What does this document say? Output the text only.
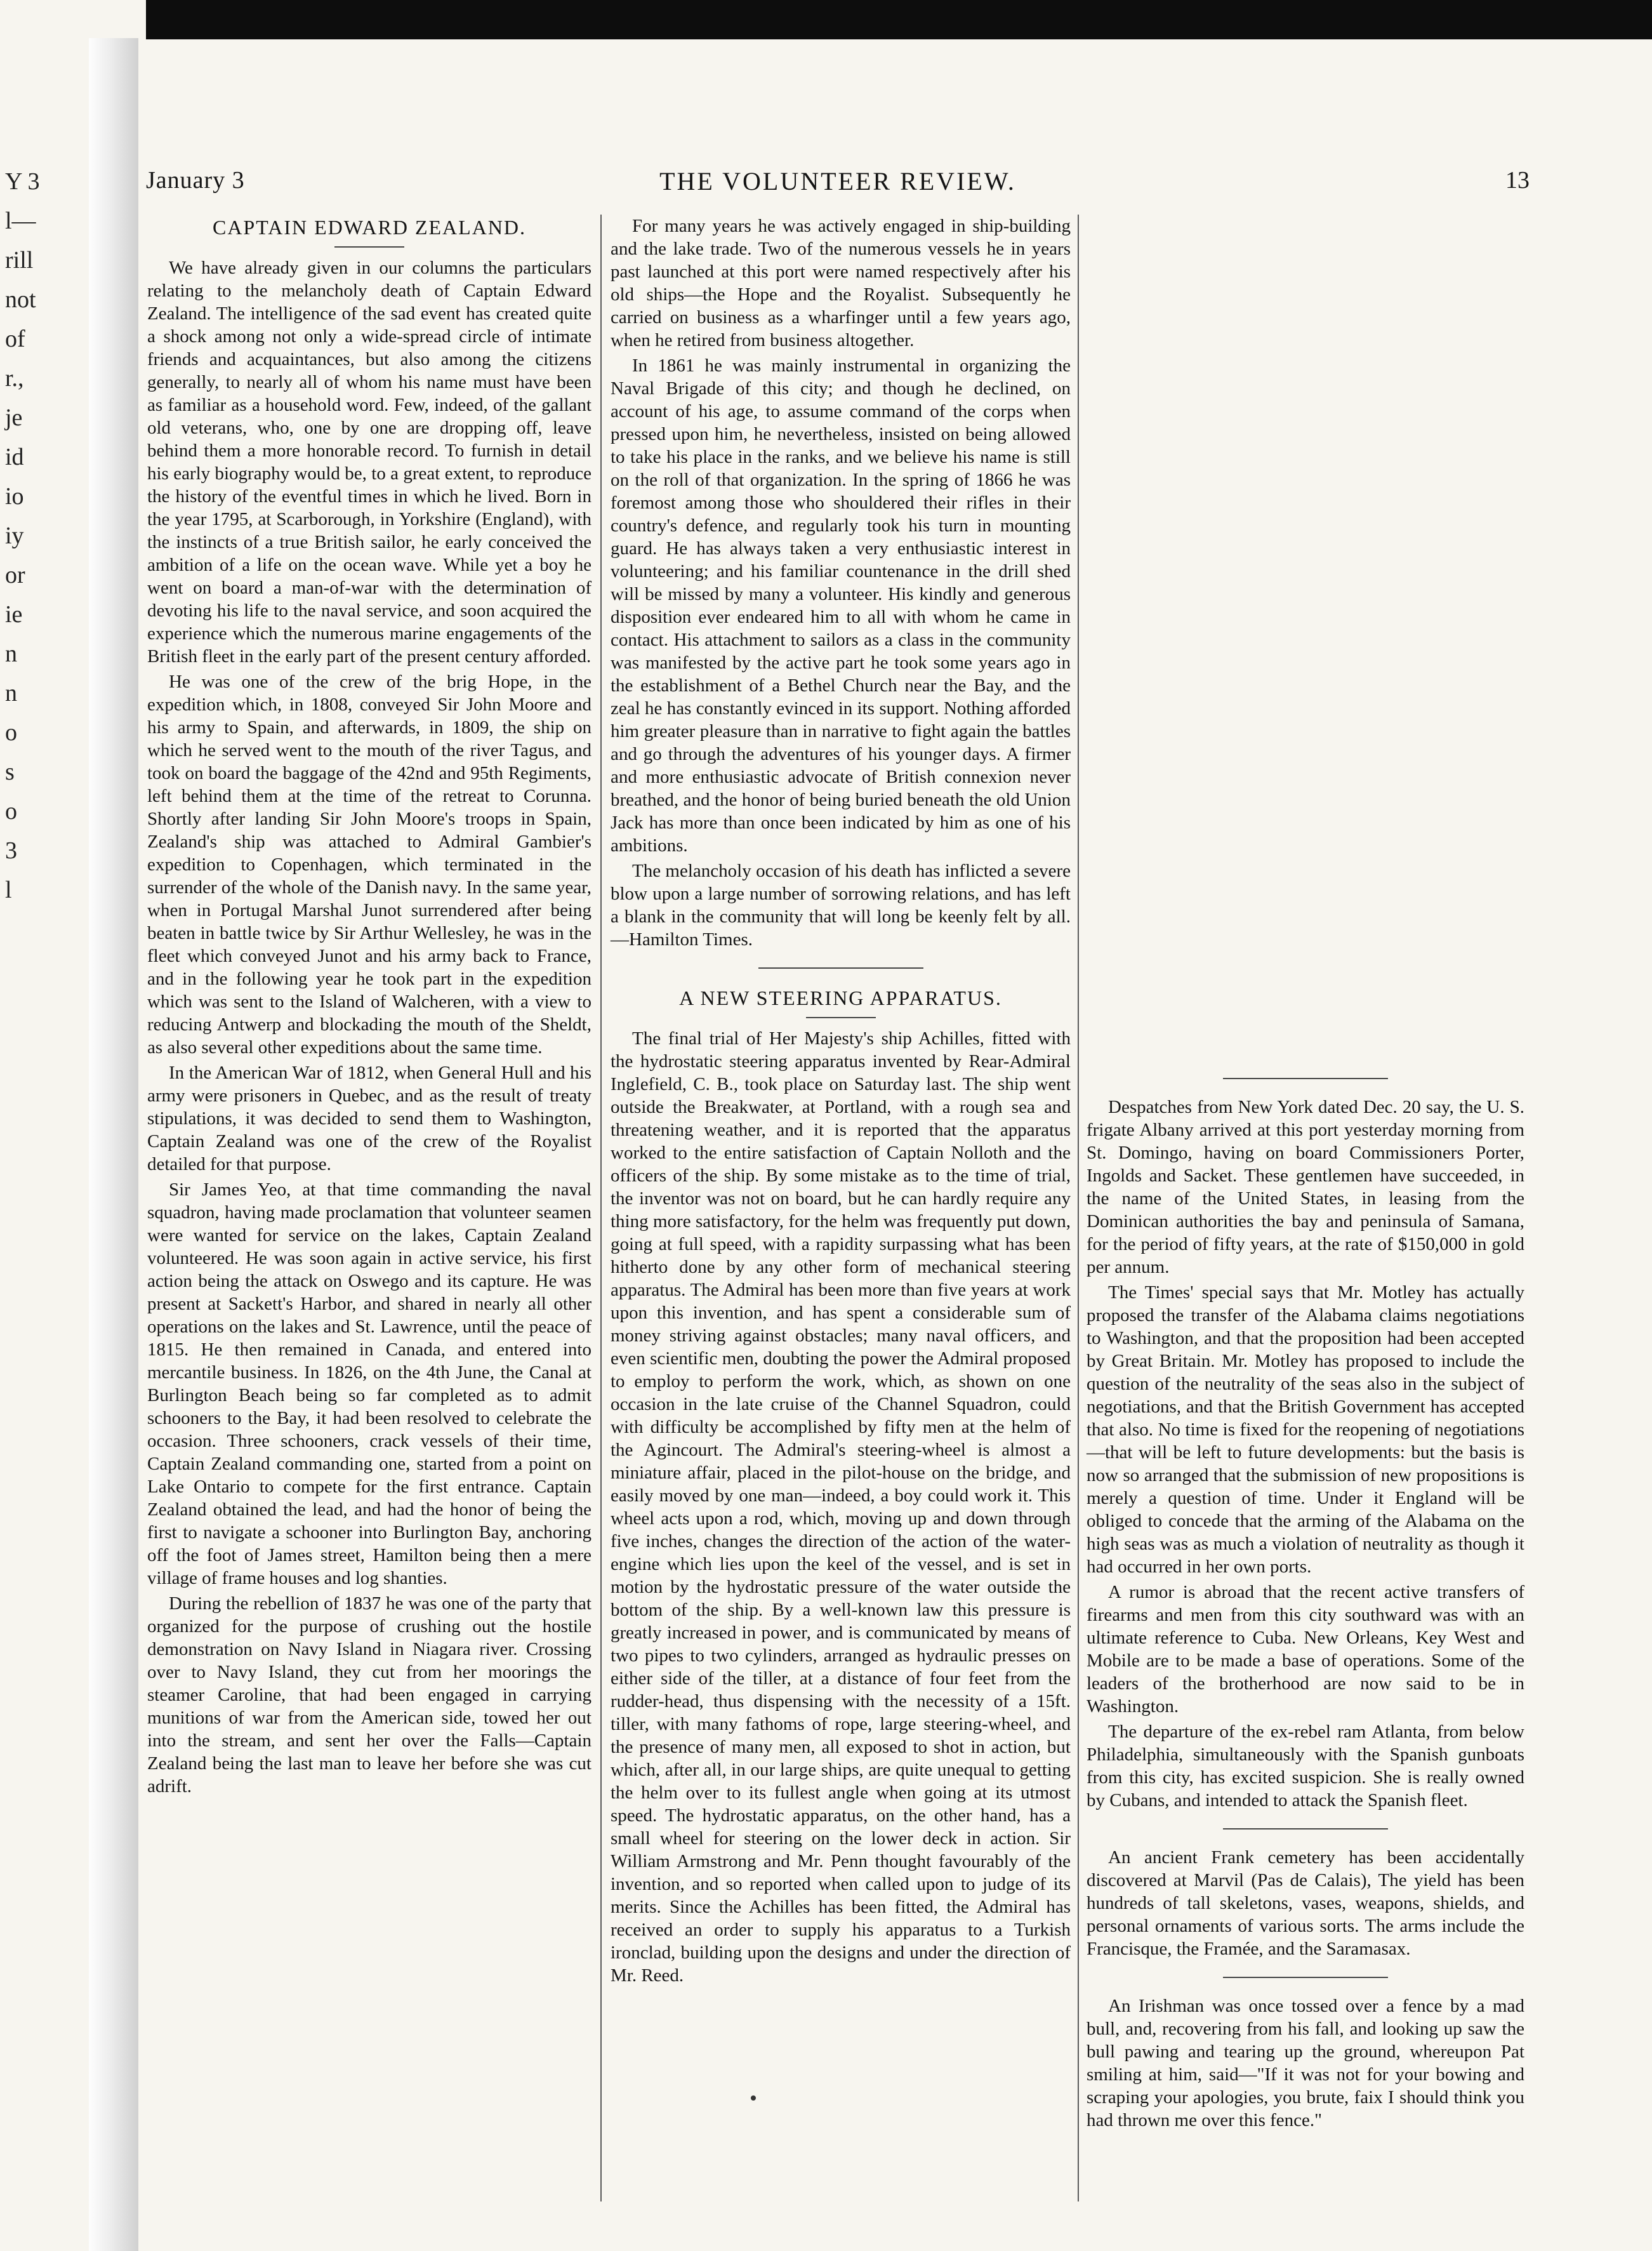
Y 3
l—
rill
not
of
r.,
je
id
io
iy
or
ie
n
n
o
s
o
3
l
January 3	THE VOLUNTEER REVIEW.	13
CAPTAIN EDWARD ZEALAND.

We have already given in our columns the particulars relating to the melancholy death of Captain Edward Zealand. The intelligence of the sad event has created quite a shock among not only a wide-spread circle of intimate friends and acquaintances, but also among the citizens generally, to nearly all of whom his name must have been as familiar as a household word. Few, indeed, of the gallant old veterans, who, one by one are dropping off, leave behind them a more honorable record. To furnish in detail his early biography would be, to a great extent, to reproduce the history of the eventful times in which he lived. Born in the year 1795, at Scarborough, in Yorkshire (England), with the instincts of a true British sailor, he early conceived the ambition of a life on the ocean wave. While yet a boy he went on board a man-of-war with the determination of devoting his life to the naval service, and soon acquired the experience which the numerous marine engagements of the British fleet in the early part of the present century afforded.

He was one of the crew of the brig Hope, in the expedition which, in 1808, conveyed Sir John Moore and his army to Spain, and afterwards, in 1809, the ship on which he served went to the mouth of the river Tagus, and took on board the baggage of the 42nd and 95th Regiments, left behind them at the time of the retreat to Corunna. Shortly after landing Sir John Moore's troops in Spain, Zealand's ship was attached to Admiral Gambier's expedition to Copenhagen, which terminated in the surrender of the whole of the Danish navy. In the same year, when in Portugal Marshal Junot surrendered after being beaten in battle twice by Sir Arthur Wellesley, he was in the fleet which conveyed Junot and his army back to France, and in the following year he took part in the expedition which was sent to the Island of Walcheren, with a view to reducing Antwerp and blockading the mouth of the Sheldt, as also several other expeditions about the same time.

In the American War of 1812, when General Hull and his army were prisoners in Quebec, and as the result of treaty stipulations, it was decided to send them to Washington, Captain Zealand was one of the crew of the Royalist detailed for that purpose.

Sir James Yeo, at that time commanding the naval squadron, having made proclamation that volunteer seamen were wanted for service on the lakes, Captain Zealand volunteered. He was soon again in active service, his first action being the attack on Oswego and its capture. He was present at Sackett's Harbor, and shared in nearly all other operations on the lakes and St. Lawrence, until the peace of 1815. He then remained in Canada, and entered into mercantile business. In 1826, on the 4th June, the Canal at Burlington Beach being so far completed as to admit schooners to the Bay, it had been resolved to celebrate the occasion. Three schooners, crack vessels of their time, Captain Zealand commanding one, started from a point on Lake Ontario to compete for the first entrance. Captain Zealand obtained the lead, and had the honor of being the first to navigate a schooner into Burlington Bay, anchoring off the foot of James street, Hamilton being then a mere village of frame houses and log shanties.

During the rebellion of 1837 he was one of the party that organized for the purpose of crushing out the hostile demonstration on Navy Island in Niagara river. Crossing over to Navy Island, they cut from her moorings the steamer Caroline, that had been engaged in carrying munitions of war from the American side, towed her out into the stream, and sent her over the Falls—Captain Zealand being the last man to leave her before she was cut adrift.

For many years he was actively engaged in ship-building and the lake trade. Two of the numerous vessels he in years past launched at this port were named respectively after his old ships—the Hope and the Royalist. Subsequently he carried on business as a wharfinger until a few years ago, when he retired from business altogether.

In 1861 he was mainly instrumental in organizing the Naval Brigade of this city; and though he declined, on account of his age, to assume command of the corps when pressed upon him, he nevertheless, insisted on being allowed to take his place in the ranks, and we believe his name is still on the roll of that organization. In the spring of 1866 he was foremost among those who shouldered their rifles in their country's defence, and regularly took his turn in mounting guard. He has always taken a very enthusiastic interest in volunteering; and his familiar countenance in the drill shed will be missed by many a volunteer. His kindly and generous disposition ever endeared him to all with whom he came in contact. His attachment to sailors as a class in the community was manifested by the active part he took some years ago in the establishment of a Bethel Church near the Bay, and the zeal he has constantly evinced in its support. Nothing afforded him greater pleasure than in narrative to fight again the battles and go through the adventures of his younger days. A firmer and more enthusiastic advocate of British connexion never breathed, and the honor of being buried beneath the old Union Jack has more than once been indicated by him as one of his ambitions.

The melancholy occasion of his death has inflicted a severe blow upon a large number of sorrowing relations, and has left a blank in the community that will long be keenly felt by all.—Hamilton Times.

A NEW STEERING APPARATUS.

The final trial of Her Majesty's ship Achilles, fitted with the hydrostatic steering apparatus invented by Rear-Admiral Inglefield, C. B., took place on Saturday last. The ship went outside the Breakwater, at Portland, with a rough sea and threatening weather, and it is reported that the apparatus worked to the entire satisfaction of Captain Nolloth and the officers of the ship. By some mistake as to the time of trial, the inventor was not on board, but he can hardly require any thing more satisfactory, for the helm was frequently put down, going at full speed, with a rapidity surpassing what has been hitherto done by any other form of mechanical steering apparatus. The Admiral has been more than five years at work upon this invention, and has spent a considerable sum of money striving against obstacles; many naval officers, and even scientific men, doubting the power the Admiral proposed to employ to perform the work, which, as shown on one occasion in the late cruise of the Channel Squadron, could with difficulty be accomplished by fifty men at the helm of the Agincourt. The Admiral's steering-wheel is almost a miniature affair, placed in the pilot-house on the bridge, and easily moved by one man—indeed, a boy could work it. This wheel acts upon a rod, which, moving up and down through five inches, changes the direction of the action of the water-engine which lies upon the keel of the vessel, and is set in motion by the hydrostatic pressure of the water outside the bottom of the ship. By a well-known law this pressure is greatly increased in power, and is communicated by means of two pipes to two cylinders, arranged as hydraulic presses on either side of the tiller, at a distance of four feet from the rudder-head, thus dispensing with the necessity of a 15ft. tiller, with many fathoms of rope, large steering-wheel, and the presence of many men, all exposed to shot in action, but which, after all, in our large ships, are quite unequal to getting the helm over to its fullest angle when going at its utmost speed. The hydrostatic apparatus, on the other hand, has a small wheel for steering on the lower deck in action. Sir William Armstrong and Mr. Penn thought favourably of the invention, and so reported when called upon to judge of its merits. Since the Achilles has been fitted, the Admiral has received an order to supply his apparatus to a Turkish ironclad, building upon the designs and under the direction of Mr. Reed.

Despatches from New York dated Dec. 20 say, the U. S. frigate Albany arrived at this port yesterday morning from St. Domingo, having on board Commissioners Porter, Ingolds and Sacket. These gentlemen have succeeded, in the name of the United States, in leasing from the Dominican authorities the bay and peninsula of Samana, for the period of fifty years, at the rate of $150,000 in gold per annum.

The Times' special says that Mr. Motley has actually proposed the transfer of the Alabama claims negotiations to Washington, and that the proposition had been accepted by Great Britain. Mr. Motley has proposed to include the question of the neutrality of the seas also in the subject of negotiations, and that the British Government has accepted that also. No time is fixed for the reopening of negotiations—that will be left to future developments: but the basis is now so arranged that the submission of new propositions is merely a question of time. Under it England will be obliged to concede that the arming of the Alabama on the high seas was as much a violation of neutrality as though it had occurred in her own ports.

A rumor is abroad that the recent active transfers of firearms and men from this city southward was with an ultimate reference to Cuba. New Orleans, Key West and Mobile are to be made a base of operations. Some of the leaders of the brotherhood are now said to be in Washington.

The departure of the ex-rebel ram Atlanta, from below Philadelphia, simultaneously with the Spanish gunboats from this city, has excited suspicion. She is really owned by Cubans, and intended to attack the Spanish fleet.

An ancient Frank cemetery has been accidentally discovered at Marvil (Pas de Calais), The yield has been hundreds of tall skeletons, vases, weapons, shields, and personal ornaments of various sorts. The arms include the Francisque, the Framée, and the Saramasax.

An Irishman was once tossed over a fence by a mad bull, and, recovering from his fall, and looking up saw the bull pawing and tearing up the ground, whereupon Pat smiling at him, said—"If it was not for your bowing and scraping your apologies, you brute, faix I should think you had thrown me over this fence."
